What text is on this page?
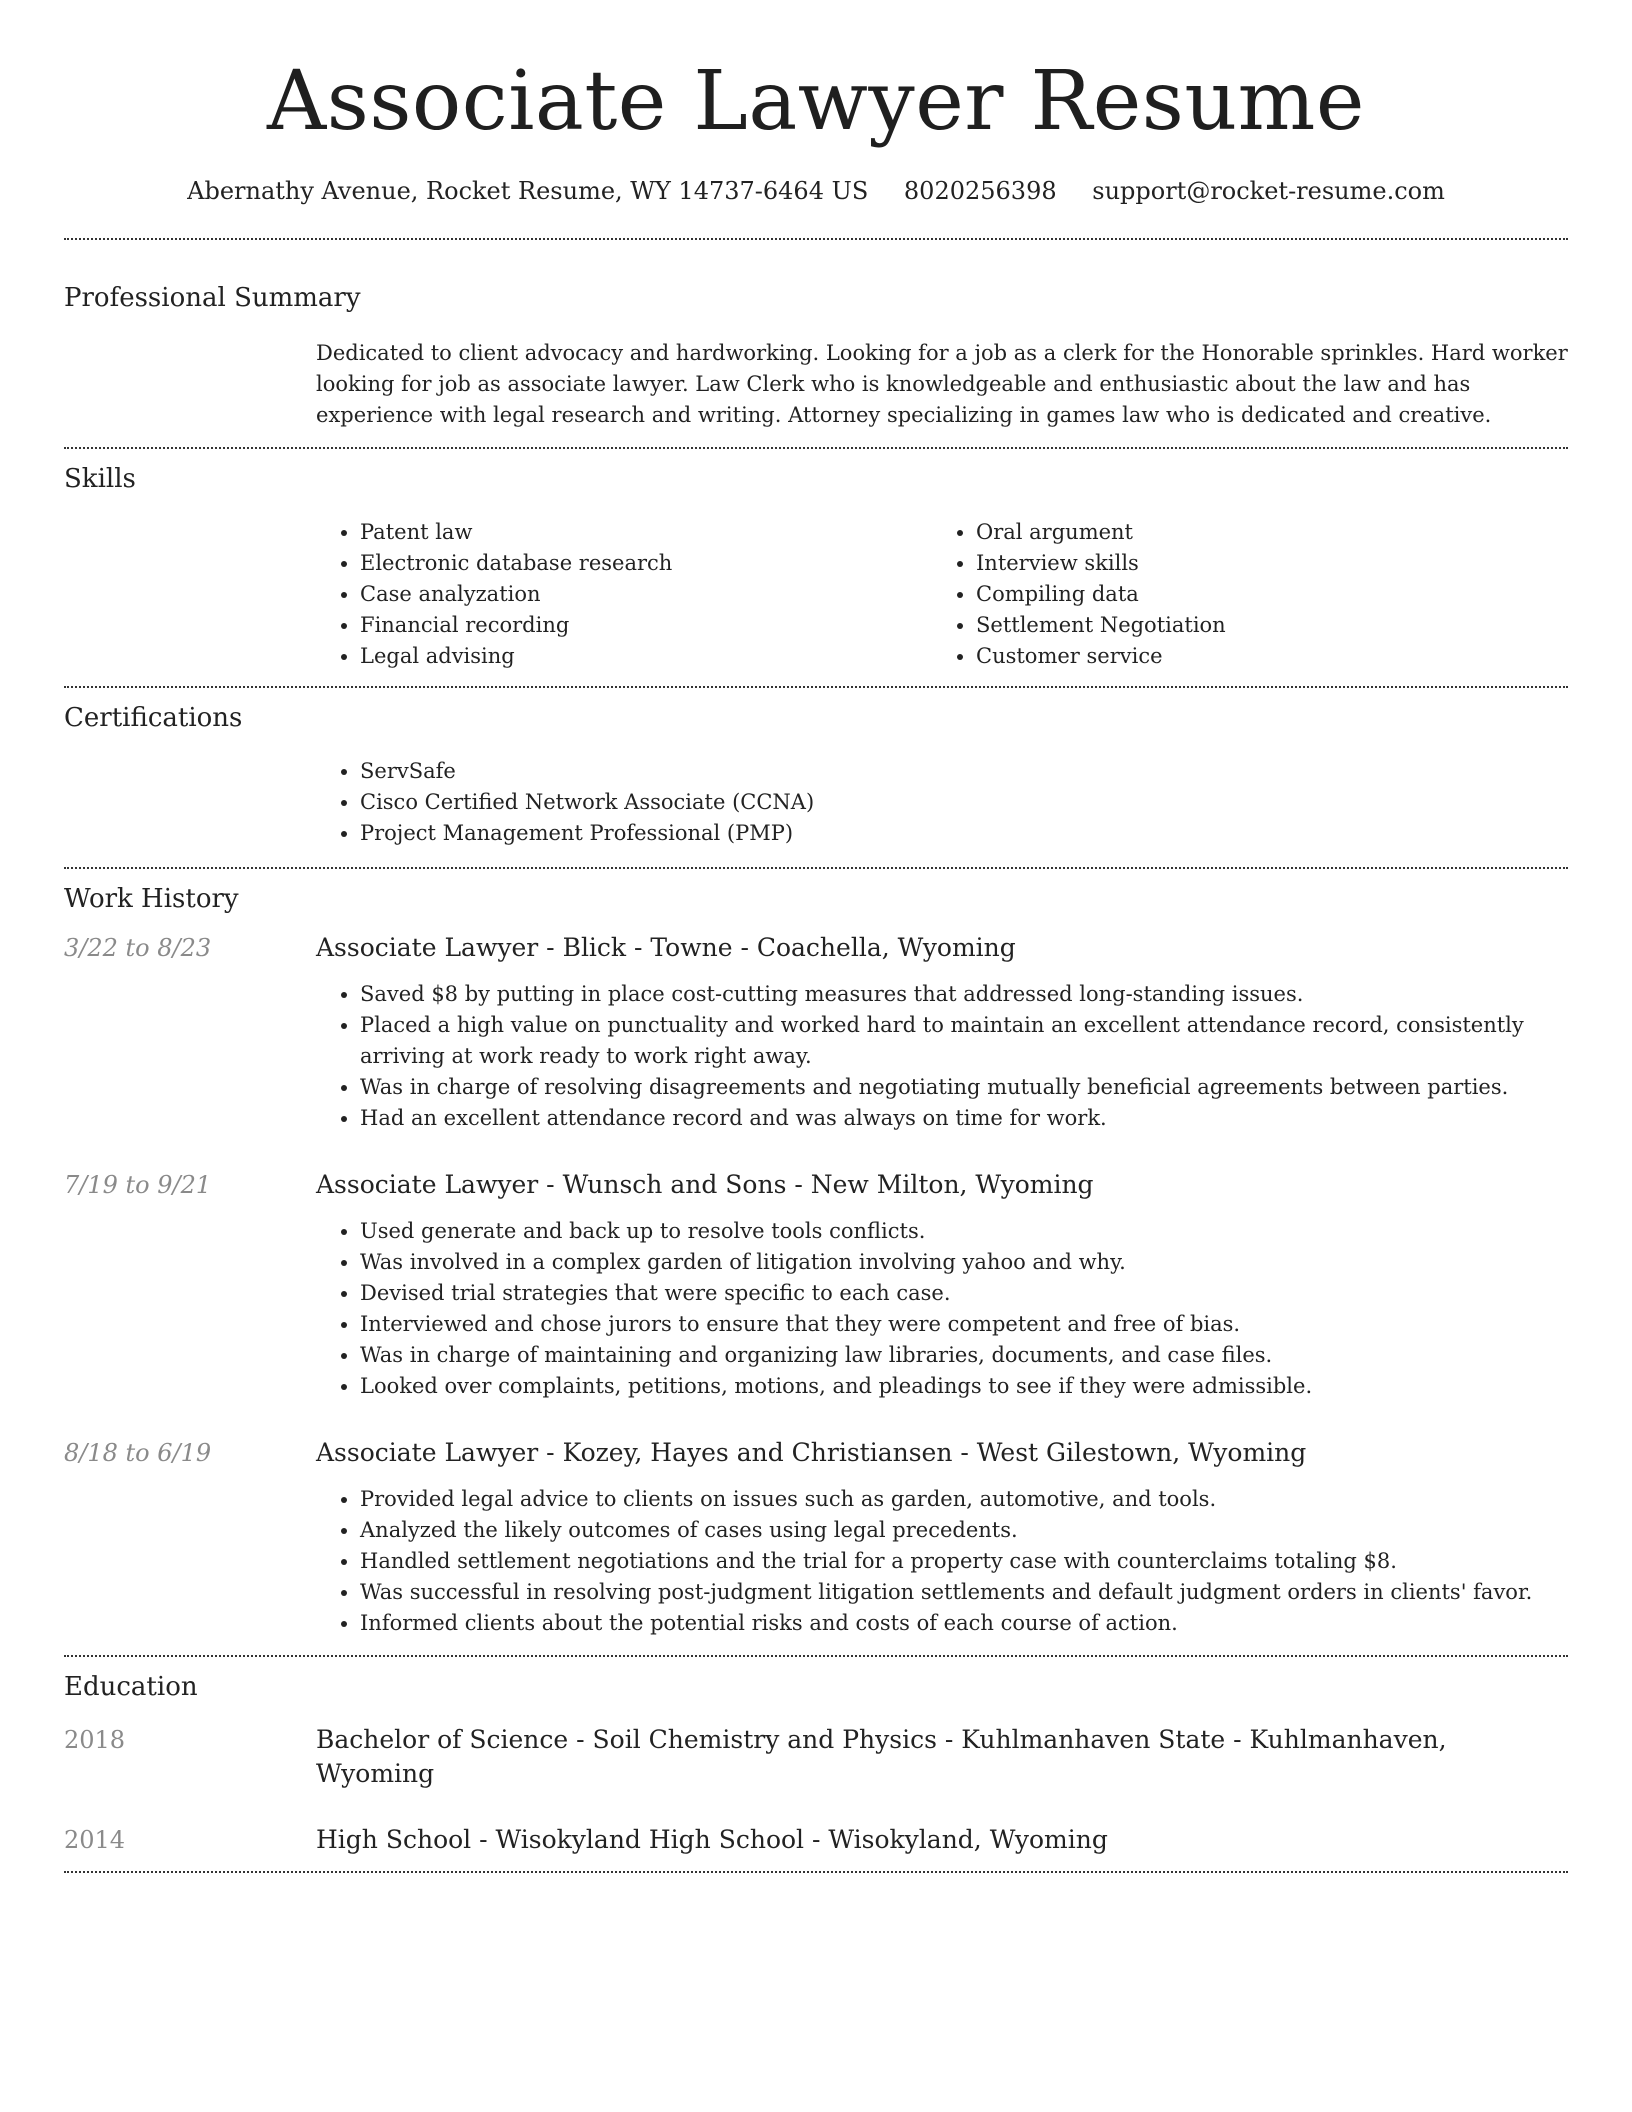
Associate Lawyer Resume
Abernathy Avenue, Rocket Resume, WY 14737-6464 US 8020256398 support@rocket-resume.com
Professional Summary
Dedicated to client advocacy and hardworking. Looking for a job as a clerk for the Honorable sprinkles. Hard worker looking for job as associate lawyer. Law Clerk who is knowledgeable and enthusiastic about the law and has experience with legal research and writing. Attorney specializing in games law who is dedicated and creative.
Skills
• Patent law
• Electronic database research
• Case analyzation
• Financial recording
• Legal advising
• Oral argument
• Interview skills
• Compiling data
• Settlement Negotiation
• Customer service
Certifications
• ServSafe
• Cisco Certified Network Associate (CCNA)
• Project Management Professional (PMP)
Work History
3/22 to 8/23	Associate Lawyer - Blick - Towne - Coachella, Wyoming
• Saved $8 by putting in place cost-cutting measures that addressed long-standing issues.
• Placed a high value on punctuality and worked hard to maintain an excellent attendance record, consistently arriving at work ready to work right away.
• Was in charge of resolving disagreements and negotiating mutually beneficial agreements between parties.
• Had an excellent attendance record and was always on time for work.
7/19 to 9/21	Associate Lawyer - Wunsch and Sons - New Milton, Wyoming
• Used generate and back up to resolve tools conflicts.
• Was involved in a complex garden of litigation involving yahoo and why.
• Devised trial strategies that were specific to each case.
• Interviewed and chose jurors to ensure that they were competent and free of bias.
• Was in charge of maintaining and organizing law libraries, documents, and case files.
• Looked over complaints, petitions, motions, and pleadings to see if they were admissible.
8/18 to 6/19	Associate Lawyer - Kozey, Hayes and Christiansen - West Gilestown, Wyoming
• Provided legal advice to clients on issues such as garden, automotive, and tools.
• Analyzed the likely outcomes of cases using legal precedents.
• Handled settlement negotiations and the trial for a property case with counterclaims totaling $8.
• Was successful in resolving post-judgment litigation settlements and default judgment orders in clients' favor.
• Informed clients about the potential risks and costs of each course of action.
Education
2018	Bachelor of Science - Soil Chemistry and Physics - Kuhlmanhaven State - Kuhlmanhaven, Wyoming
2014	High School - Wisokyland High School - Wisokyland, Wyoming
